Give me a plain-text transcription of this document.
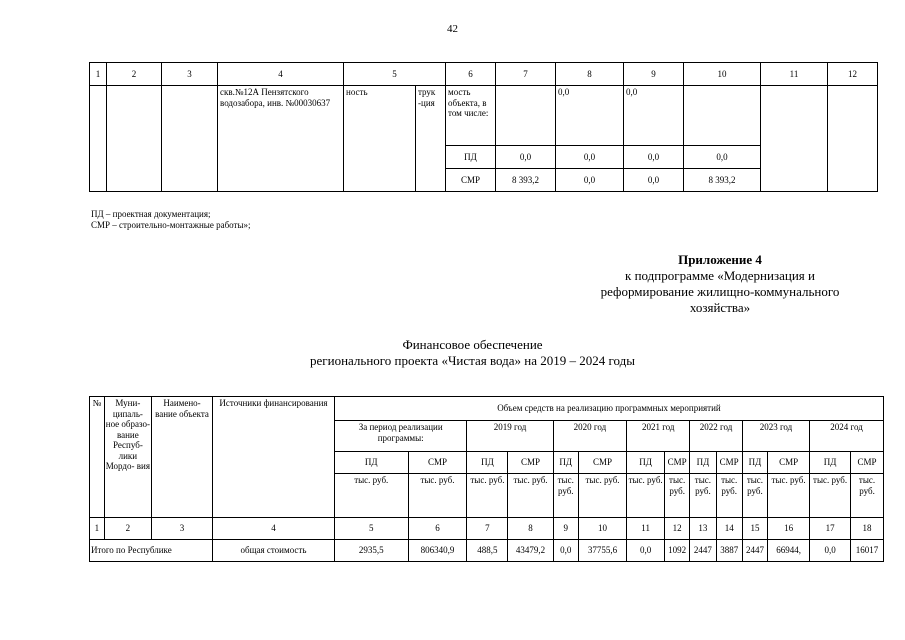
42
1	2	3	4	5		6	7	8	9	10	11	12
			скв.№12А Пензятского водозабора, инв. №00030637	ность	трук -ция	мость объекта, в том числе:		0,0	0,0			
						ПД	0,0	0,0	0,0	0,0		
						СМР	8 393,2	0,0	0,0	8 393,2		
ПД – проектная документация;
СМР – строительно-монтажные работы»;
Приложение 4
к подпрограмме «Модернизация и
реформирование жилищно-коммунального
хозяйства»
Финансовое обеспечение
регионального проекта «Чистая вода» на 2019 – 2024 годы
№	Муни- ципаль- ное образо- вание Респуб- лики Мордо- вия	Наимено- вание объекта	Источники финансирования	Объем средств на реализацию программных мероприятий													
				За период реализации программы:		2019 год		2020 год		2021 год		2022 год		2023 год		2024 год	
				ПД	СМР	ПД	СМР	ПД	СМР	ПД	СМР	ПД	СМР	ПД	СМР	ПД	СМР
				тыс. руб.	тыс. руб.	тыс. руб.	тыс. руб.	тыс. руб.	тыс. руб.	тыс. руб.	тыс. руб.	тыс. руб.	тыс. руб.	тыс. руб.	тыс. руб.	тыс. руб.	тыс. руб.
1	2	3	4	5	6	7	8	9	10	11	12	13	14	15	16	17	18
Итого по Республике			общая стоимость	2935,5	806340,9	488,5	43479,2	0,0	37755,6	0,0	1092	2447	3887	2447	66944,	0,0	16017
